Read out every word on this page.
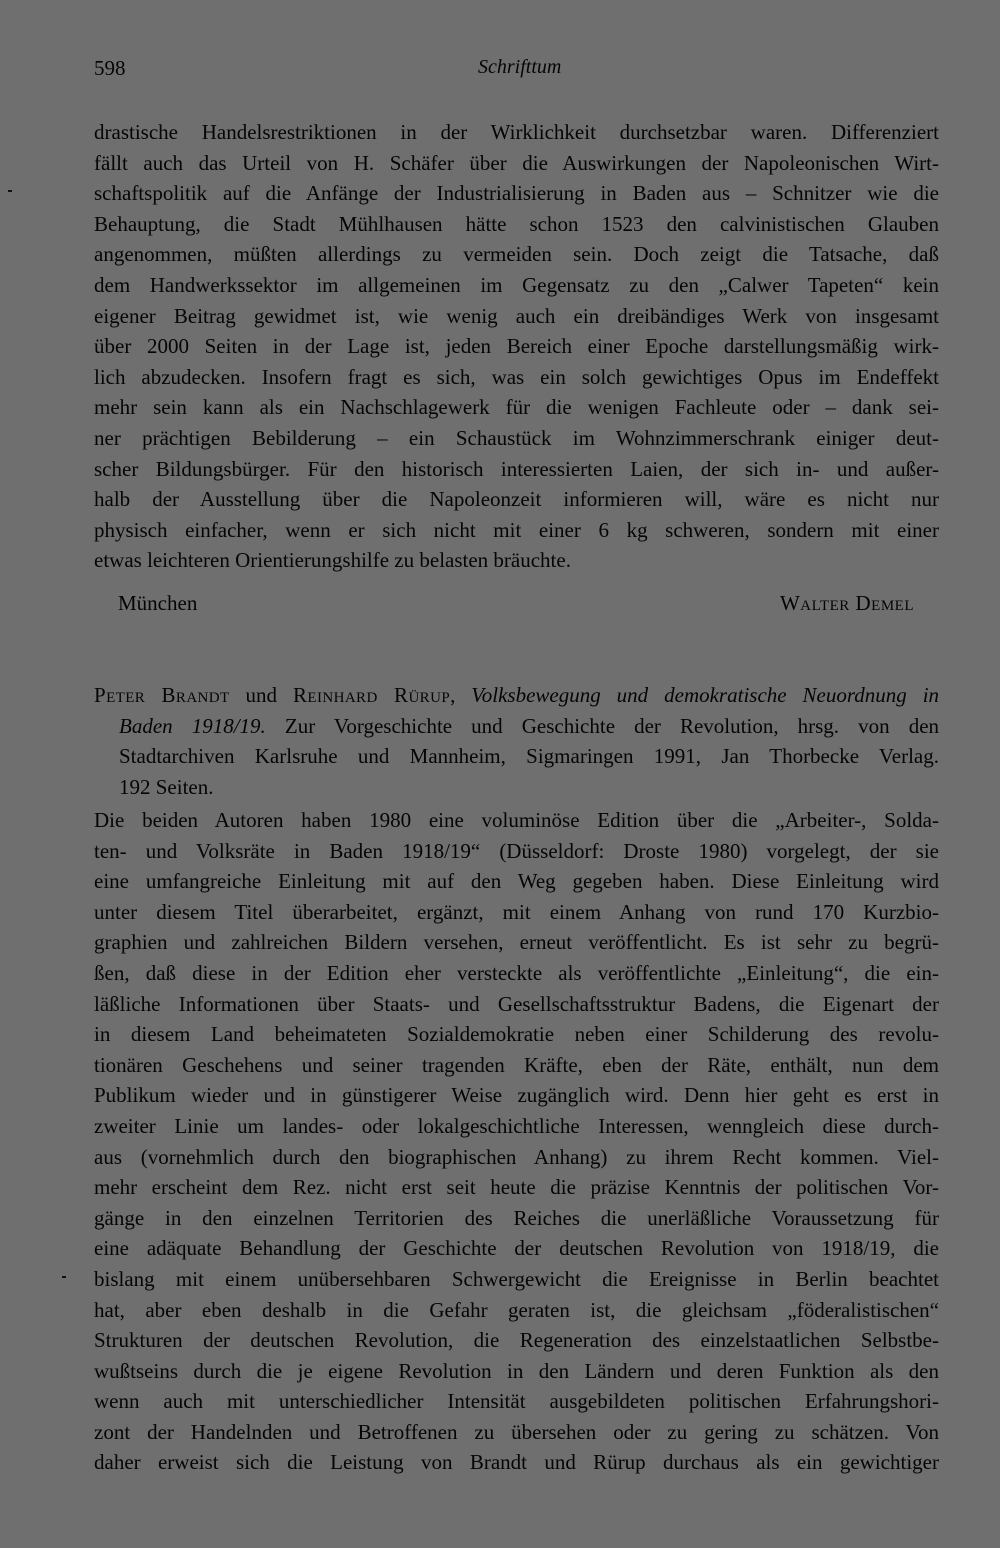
598	Schrifttum
drastische Handelsrestriktionen in der Wirklichkeit durchsetzbar waren. Differenziert
fällt auch das Urteil von H. Schäfer über die Auswirkungen der Napoleonischen Wirt-
schaftspolitik auf die Anfänge der Industrialisierung in Baden aus – Schnitzer wie die
Behauptung, die Stadt Mühlhausen hätte schon 1523 den calvinistischen Glauben
angenommen, müßten allerdings zu vermeiden sein. Doch zeigt die Tatsache, daß
dem Handwerkssektor im allgemeinen im Gegensatz zu den „Calwer Tapeten“ kein
eigener Beitrag gewidmet ist, wie wenig auch ein dreibändiges Werk von insgesamt
über 2000 Seiten in der Lage ist, jeden Bereich einer Epoche darstellungsmäßig wirk-
lich abzudecken. Insofern fragt es sich, was ein solch gewichtiges Opus im Endeffekt
mehr sein kann als ein Nachschlagewerk für die wenigen Fachleute oder – dank sei-
ner prächtigen Bebilderung – ein Schaustück im Wohnzimmerschrank einiger deut-
scher Bildungsbürger. Für den historisch interessierten Laien, der sich in- und außer-
halb der Ausstellung über die Napoleonzeit informieren will, wäre es nicht nur
physisch einfacher, wenn er sich nicht mit einer 6 kg schweren, sondern mit einer
etwas leichteren Orientierungshilfe zu belasten bräuchte.
München	Walter Demel
Peter Brandt und Reinhard Rürup, Volksbewegung und demokratische Neuordnung in
Baden 1918/19. Zur Vorgeschichte und Geschichte der Revolution, hrsg. von den
Stadtarchiven Karlsruhe und Mannheim, Sigmaringen 1991, Jan Thorbecke Verlag.
192 Seiten.
Die beiden Autoren haben 1980 eine voluminöse Edition über die „Arbeiter-, Solda-
ten- und Volksräte in Baden 1918/19“ (Düsseldorf: Droste 1980) vorgelegt, der sie
eine umfangreiche Einleitung mit auf den Weg gegeben haben. Diese Einleitung wird
unter diesem Titel überarbeitet, ergänzt, mit einem Anhang von rund 170 Kurzbio-
graphien und zahlreichen Bildern versehen, erneut veröffentlicht. Es ist sehr zu begrü-
ßen, daß diese in der Edition eher versteckte als veröffentlichte „Einleitung“, die ein-
läßliche Informationen über Staats- und Gesellschaftsstruktur Badens, die Eigenart der
in diesem Land beheimateten Sozialdemokratie neben einer Schilderung des revolu-
tionären Geschehens und seiner tragenden Kräfte, eben der Räte, enthält, nun dem
Publikum wieder und in günstigerer Weise zugänglich wird. Denn hier geht es erst in
zweiter Linie um landes- oder lokalgeschichtliche Interessen, wenngleich diese durch-
aus (vornehmlich durch den biographischen Anhang) zu ihrem Recht kommen. Viel-
mehr erscheint dem Rez. nicht erst seit heute die präzise Kenntnis der politischen Vor-
gänge in den einzelnen Territorien des Reiches die unerläßliche Voraussetzung für
eine adäquate Behandlung der Geschichte der deutschen Revolution von 1918/19, die
bislang mit einem unübersehbaren Schwergewicht die Ereignisse in Berlin beachtet
hat, aber eben deshalb in die Gefahr geraten ist, die gleichsam „föderalistischen“
Strukturen der deutschen Revolution, die Regeneration des einzelstaatlichen Selbstbe-
wußtseins durch die je eigene Revolution in den Ländern und deren Funktion als den
wenn auch mit unterschiedlicher Intensität ausgebildeten politischen Erfahrungshori-
zont der Handelnden und Betroffenen zu übersehen oder zu gering zu schätzen. Von
daher erweist sich die Leistung von Brandt und Rürup durchaus als ein gewichtiger
